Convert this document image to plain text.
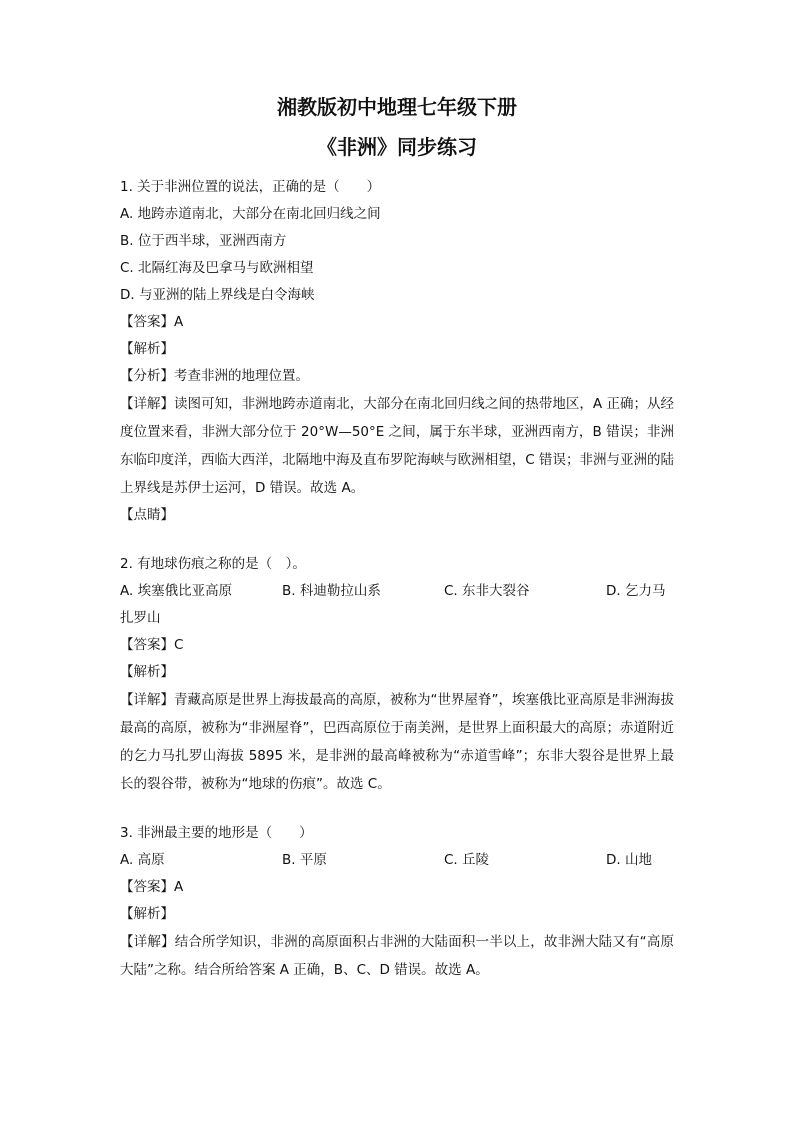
湘教版初中地理七年级下册
《非洲》同步练习
1. 关于非洲位置的说法，正确的是（　　）
A. 地跨赤道南北，大部分在南北回归线之间
B. 位于西半球，亚洲西南方
C. 北隔红海及巴拿马与欧洲相望
D. 与亚洲的陆上界线是白令海峡
【答案】A
【解析】
【分析】考查非洲的地理位置。
【详解】读图可知，非洲地跨赤道南北，大部分在南北回归线之间的热带地区，A 正确；从经度位置来看，非洲大部分位于 20°W—50°E 之间，属于东半球，亚洲西南方，B 错误；非洲东临印度洋，西临大西洋，北隔地中海及直布罗陀海峡与欧洲相望，C 错误；非洲与亚洲的陆上界线是苏伊士运河，D 错误。故选 A。
【点睛】
2. 有地球伤痕之称的是（　）。
A. 埃塞俄比亚高原	B. 科迪勒拉山系	C. 东非大裂谷	D. 乞力马
扎罗山
【答案】C
【解析】
【详解】青藏高原是世界上海拔最高的高原，被称为“世界屋脊”，埃塞俄比亚高原是非洲海拔最高的高原，被称为“非洲屋脊”，巴西高原位于南美洲，是世界上面积最大的高原；赤道附近的乞力马扎罗山海拔 5895 米，是非洲的最高峰被称为“赤道雪峰”；东非大裂谷是世界上最长的裂谷带，被称为“地球的伤痕”。故选 C。
3. 非洲最主要的地形是（　　）
A. 高原	B. 平原	C. 丘陵	D. 山地
【答案】A
【解析】
【详解】结合所学知识，非洲的高原面积占非洲的大陆面积一半以上，故非洲大陆又有“高原大陆”之称。结合所给答案 A 正确，B、C、D 错误。故选 A。
